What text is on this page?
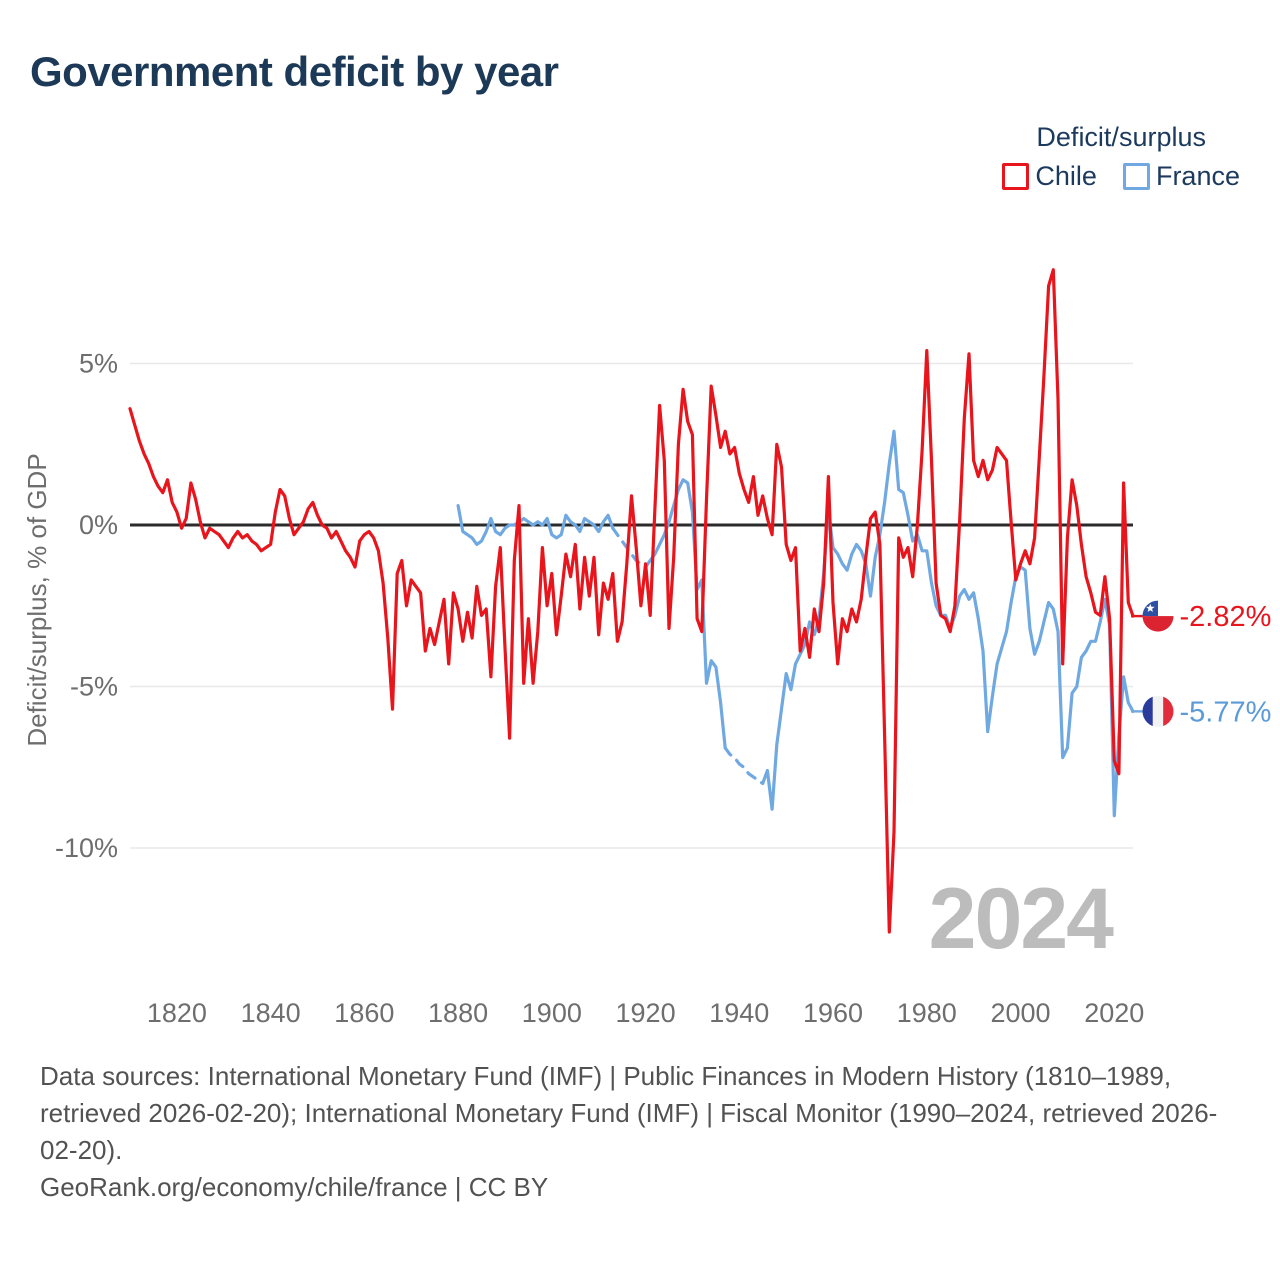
5%
0%
-5%
-10%
1820 1840 1860 1880 1900 1920 1940 1960 1980 2000 2020
Deficit/surplus, % of GDP
2024
-5.77%
-2.82%
Government deficit by year
Deficit/surplus
Chile France

Data sources: International Monetary Fund (IMF) | Public Finances in Modern History (1810–1989, retrieved 2026-02-20); International Monetary Fund (IMF) | Fiscal Monitor (1990–2024, retrieved 2026-02-20).

GeoRank.org/economy/chile/france | CC BY
